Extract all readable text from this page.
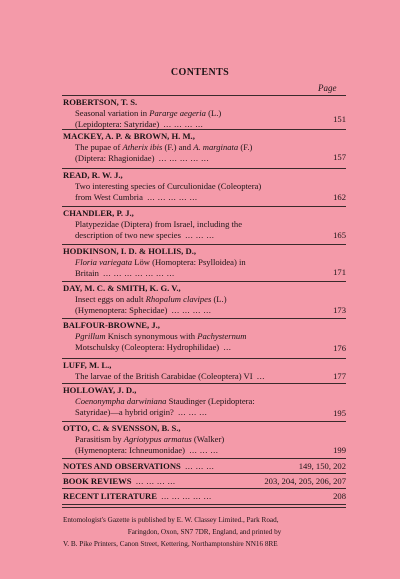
CONTENTS
Page
ROBERTSON, T. S.
Seasonal variation in Pararge aegeria (L.)
(Lepidoptera: Satyridae) ... ... ... ...	151
MACKEY, A. P. & BROWN, H. M.,
The pupae of Atherix ibis (F.) and A. marginata (F.)
(Diptera: Rhagionidae) ... ... ... ... ...	157
READ, R. W. J.,
Two interesting species of Curculionidae (Coleoptera)
from West Cumbria ... ... ... ... ...	162
CHANDLER, P. J.,
Platypezidae (Diptera) from Israel, including the
description of two new species ... ... ...	165
HODKINSON, I. D. & HOLLIS, D.,
Floria variegata Löw (Homoptera: Psylloidea) in
Britain ... ... ... ... ... ... ...	171
DAY, M. C. & SMITH, K. G. V.,
Insect eggs on adult Rhopalum clavipes (L.)
(Hymenoptera: Sphecidae) ... ... ... ...	173
BALFOUR-BROWNE, J.,
Pgrillum Knisch synonymous with Pachysternum
Motschulsky (Coleoptera: Hydrophilidae) ...	176
LUFF, M. L.,
The larvae of the British Carabidae (Coleoptera) VI ...	177
HOLLOWAY, J. D.,
Coenonympha darwiniana Staudinger (Lepidoptera:
Satyridae)—a hybrid origin? ... ... ...	195
OTTO, C. & SVENSSON, B. S.,
Parasitism by Agriotypus armatus (Walker)
(Hymenoptera: Ichneumonidae) ... ... ...	199
NOTES AND OBSERVATIONS ... ... ...	149, 150, 202
BOOK REVIEWS ... ... ... ...	203, 204, 205, 206, 207
RECENT LITERATURE ... ... ... ... ...	208
Entomologist's Gazette is published by E. W. Classey Limited., Park Road,
Faringdon, Oxon, SN7 7DR, England, and printed by
V. B. Pike Printers, Canon Street, Kettering, Northamptonshire NN16 8RE
